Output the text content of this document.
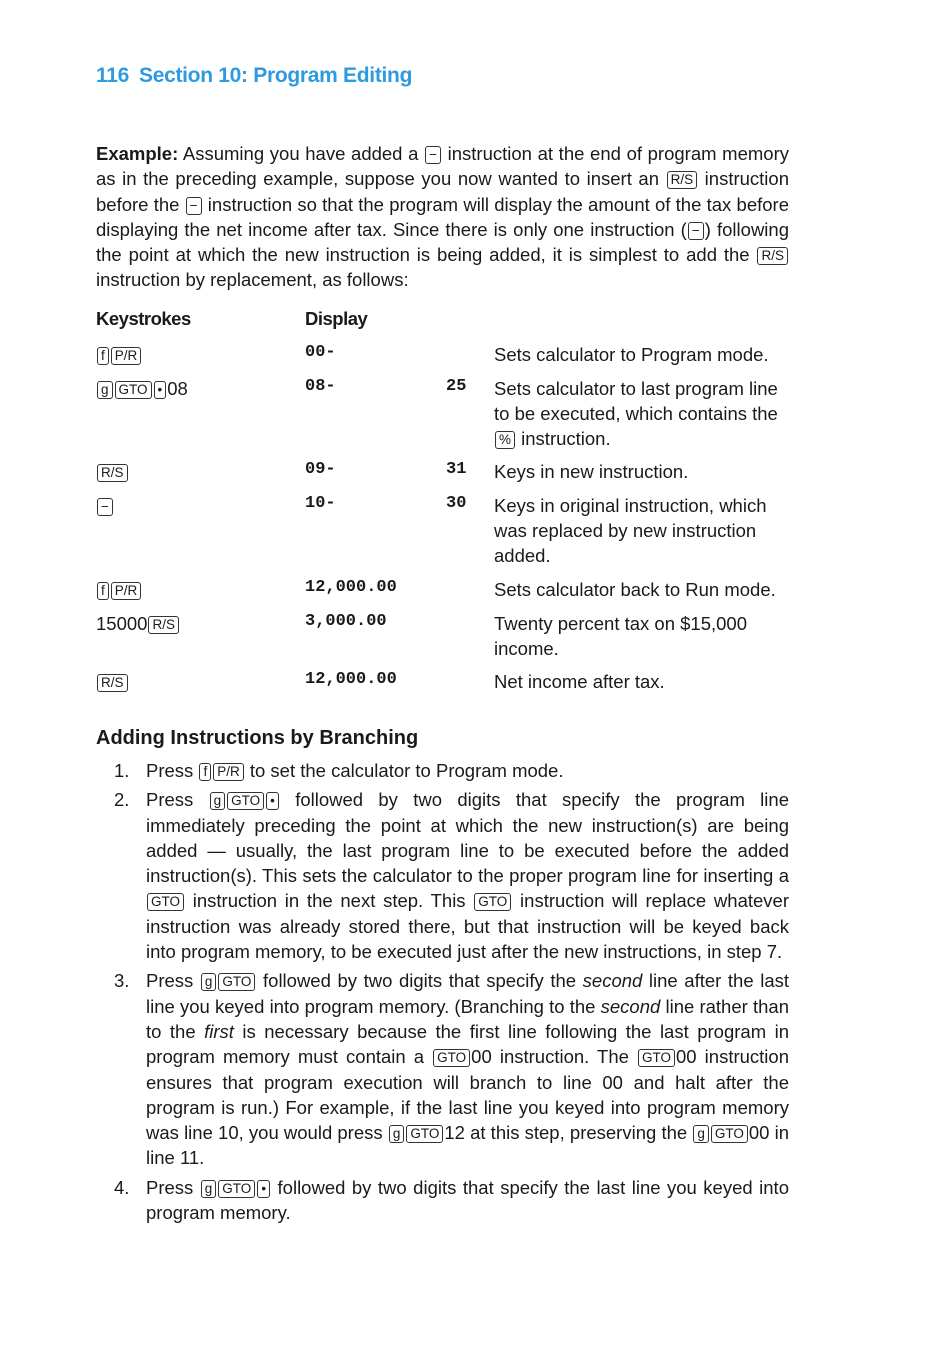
116 Section 10: Program Editing
Example: Assuming you have added a − instruction at the end of program memory as in the preceding example, suppose you now wanted to insert an R/S instruction before the − instruction so that the program will display the amount of the tax before displaying the net income after tax. Since there is only one instruction ( − ) following the point at which the new instruction is being added, it is simplest to add the R/S instruction by replacement, as follows:
Keystrokes	Display
f P/R	00-	Sets calculator to Program mode.
g GTO • 08	08-	25 Sets calculator to last program line to be executed, which contains the % instruction.
R/S	09-	31 Keys in new instruction.
−	10-	30 Keys in original instruction, which was replaced by new instruction added.
f P/R	12,000.00	Sets calculator back to Run mode.
15000 R/S	3,000.00	Twenty percent tax on $15,000 income.
R/S	12,000.00	Net income after tax.
Adding Instructions by Branching
1. Press f P/R to set the calculator to Program mode.
2. Press g GTO • followed by two digits that specify the program line immediately preceding the point at which the new instruction(s) are being added — usually, the last program line to be executed before the added instruction(s). This sets the calculator to the proper program line for inserting a GTO instruction in the next step. This GTO instruction will replace whatever instruction was already stored there, but that instruction will be keyed back into program memory, to be executed just after the new instructions, in step 7.
3. Press g GTO followed by two digits that specify the second line after the last line you keyed into program memory. (Branching to the second line rather than to the first is necessary because the first line following the last program in program memory must contain a GTO 00 instruction. The GTO 00 instruction ensures that program execution will branch to line 00 and halt after the program is run.) For example, if the last line you keyed into program memory was line 10, you would press g GTO 12 at this step, preserving the g GTO 00 in line 11.
4. Press g GTO • followed by two digits that specify the last line you keyed into program memory.
